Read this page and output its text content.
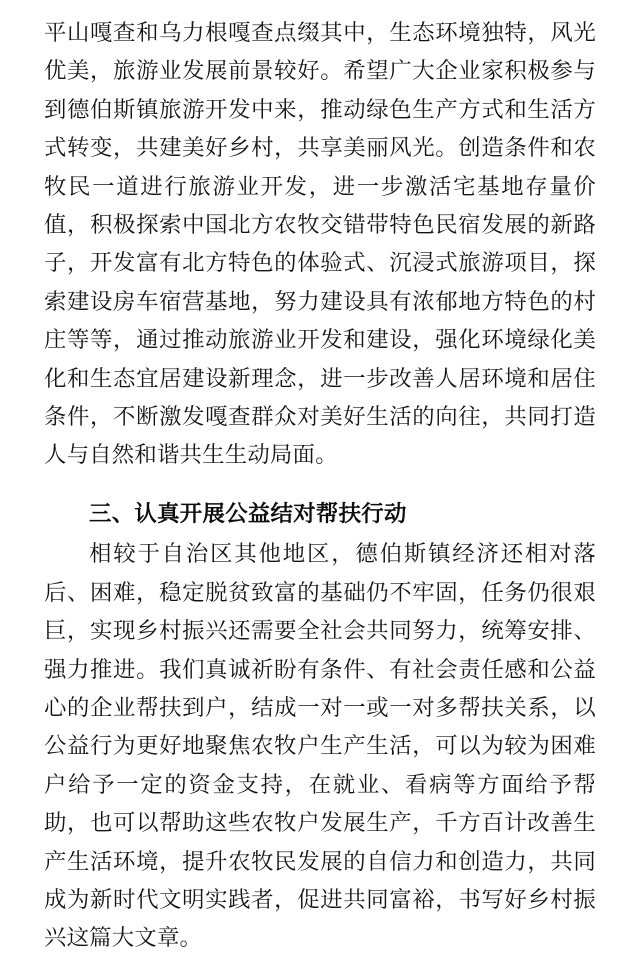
平山嘎查和乌力根嘎查点缀其中，生态环境独特，风光优美，旅游业发展前景较好。希望广大企业家积极参与到德伯斯镇旅游开发中来，推动绿色生产方式和生活方式转变，共建美好乡村，共享美丽风光。创造条件和农牧民一道进行旅游业开发，进一步激活宅基地存量价值，积极探索中国北方农牧交错带特色民宿发展的新路子，开发富有北方特色的体验式、沉浸式旅游项目，探索建设房车宿营基地，努力建设具有浓郁地方特色的村庄等等，通过推动旅游业开发和建设，强化环境绿化美化和生态宜居建设新理念，进一步改善人居环境和居住条件，不断激发嘎查群众对美好生活的向往，共同打造人与自然和谐共生生动局面。

三、认真开展公益结对帮扶行动

相较于自治区其他地区，德伯斯镇经济还相对落后、困难，稳定脱贫致富的基础仍不牢固，任务仍很艰巨，实现乡村振兴还需要全社会共同努力，统筹安排、强力推进。我们真诚祈盼有条件、有社会责任感和公益心的企业帮扶到户，结成一对一或一对多帮扶关系，以公益行为更好地聚焦农牧户生产生活，可以为较为困难户给予一定的资金支持，在就业、看病等方面给予帮助，也可以帮助这些农牧户发展生产，千方百计改善生产生活环境，提升农牧民发展的自信力和创造力，共同成为新时代文明实践者，促进共同富裕，书写好乡村振兴这篇大文章。
